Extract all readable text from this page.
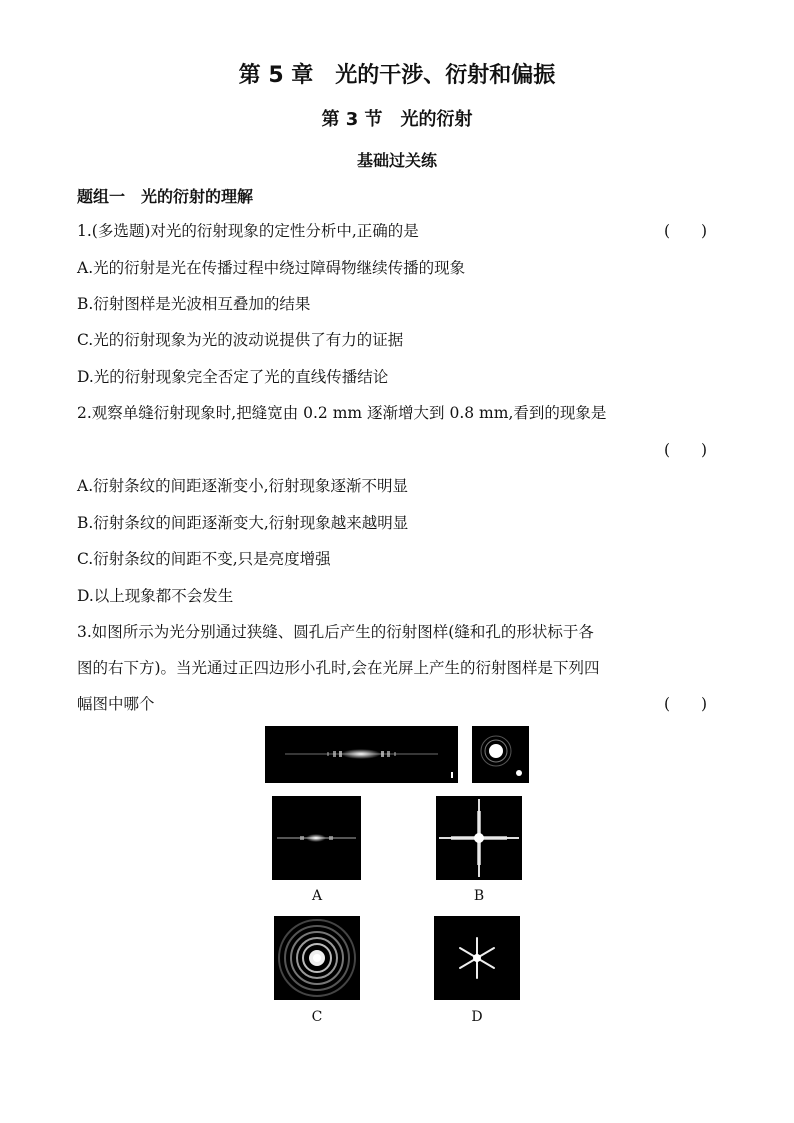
第 5 章　光的干涉、衍射和偏振
第 3 节　光的衍射
基础过关练
题组一　光的衍射的理解
1.(多选题)对光的衍射现象的定性分析中,正确的是	(　　)
A.光的衍射是光在传播过程中绕过障碍物继续传播的现象
B.衍射图样是光波相互叠加的结果
C.光的衍射现象为光的波动说提供了有力的证据
D.光的衍射现象完全否定了光的直线传播结论
2.观察单缝衍射现象时,把缝宽由 0.2 mm 逐渐增大到 0.8 mm,看到的现象是
(　　)
A.衍射条纹的间距逐渐变小,衍射现象逐渐不明显
B.衍射条纹的间距逐渐变大,衍射现象越来越明显
C.衍射条纹的间距不变,只是亮度增强
D.以上现象都不会发生
3.如图所示为光分别通过狭缝、圆孔后产生的衍射图样(缝和孔的形状标于各
图的右下方)。当光通过正四边形小孔时,会在光屏上产生的衍射图样是下列四
幅图中哪个	(　　)
A	B
C	D
